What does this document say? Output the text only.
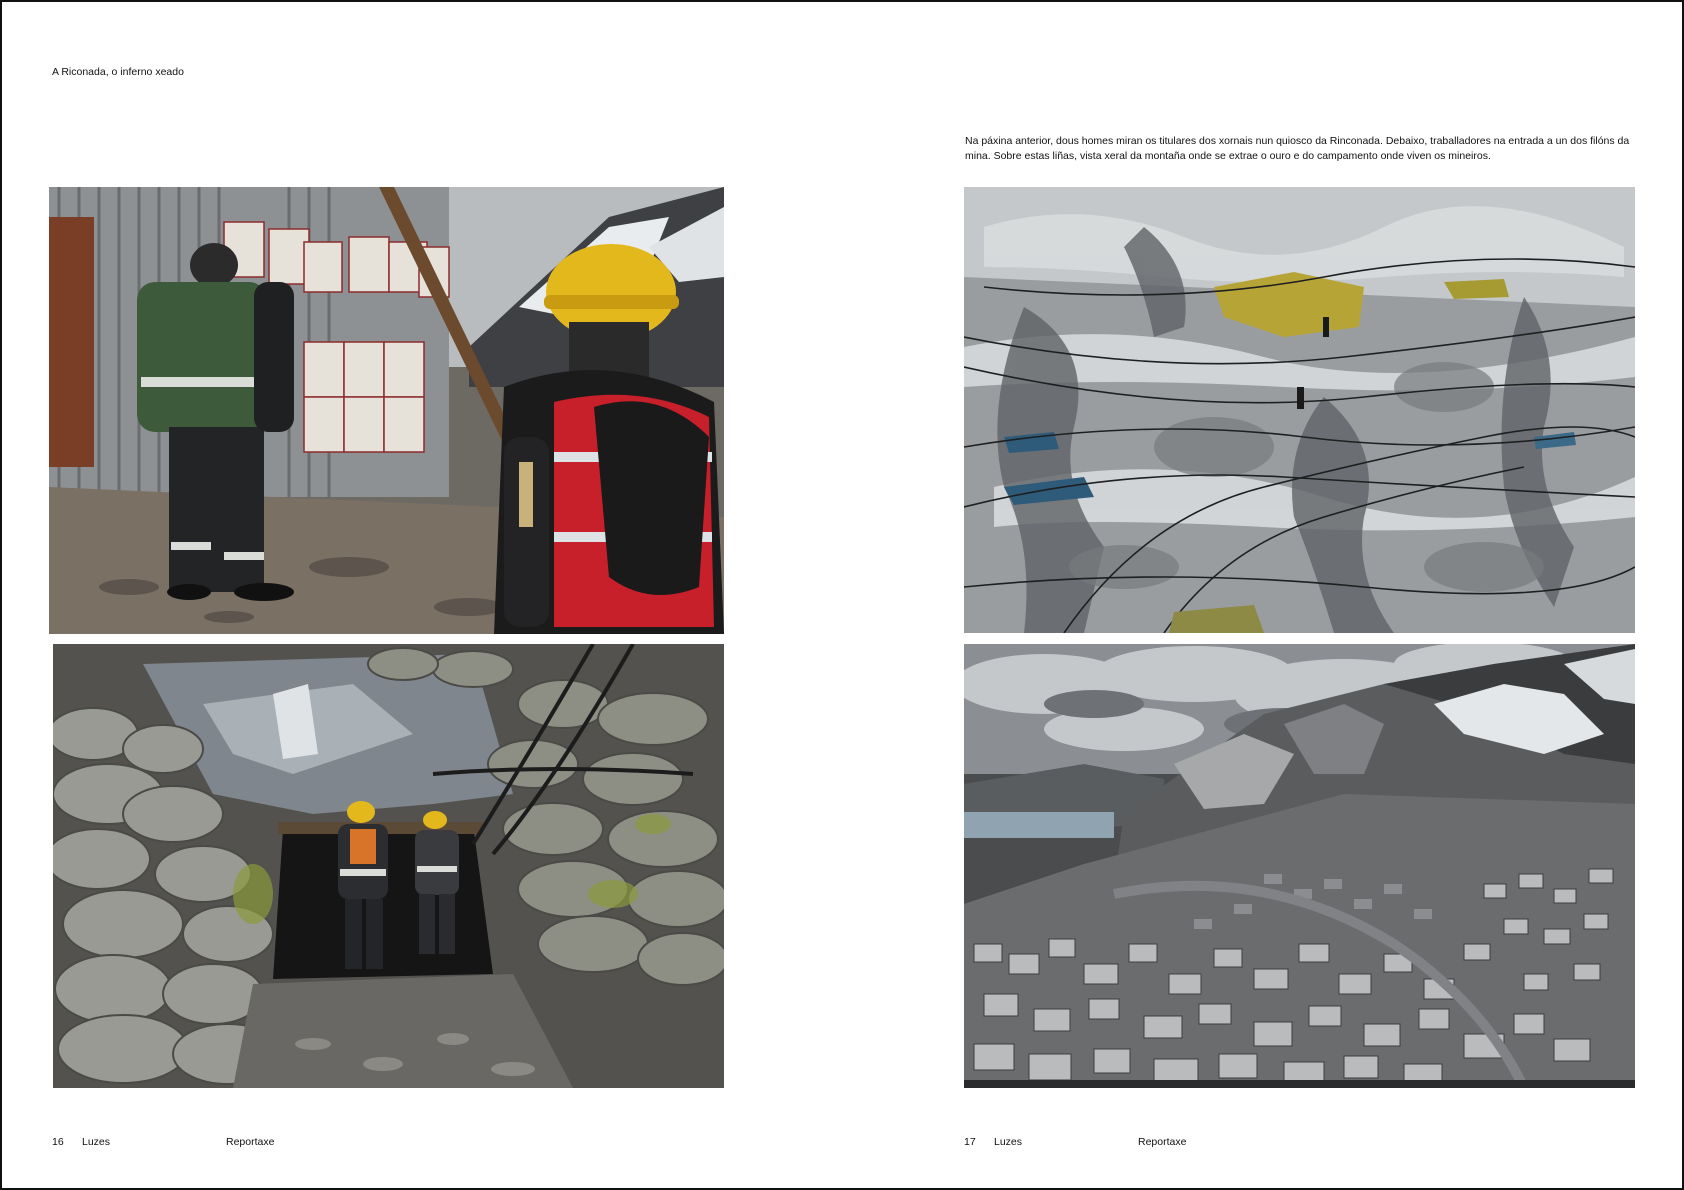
A Riconada, o inferno xeado
Na páxina anterior, dous homes miran os titulares dos xornais nun quiosco da Rinconada. Debaixo, traballadores na entrada a un dos filóns da mina. Sobre estas liñas, vista xeral da montaña onde se extrae o ouro e do campamento onde viven os mineiros.
16 Luzes	Reportaxe	17 Luzes	Reportaxe
